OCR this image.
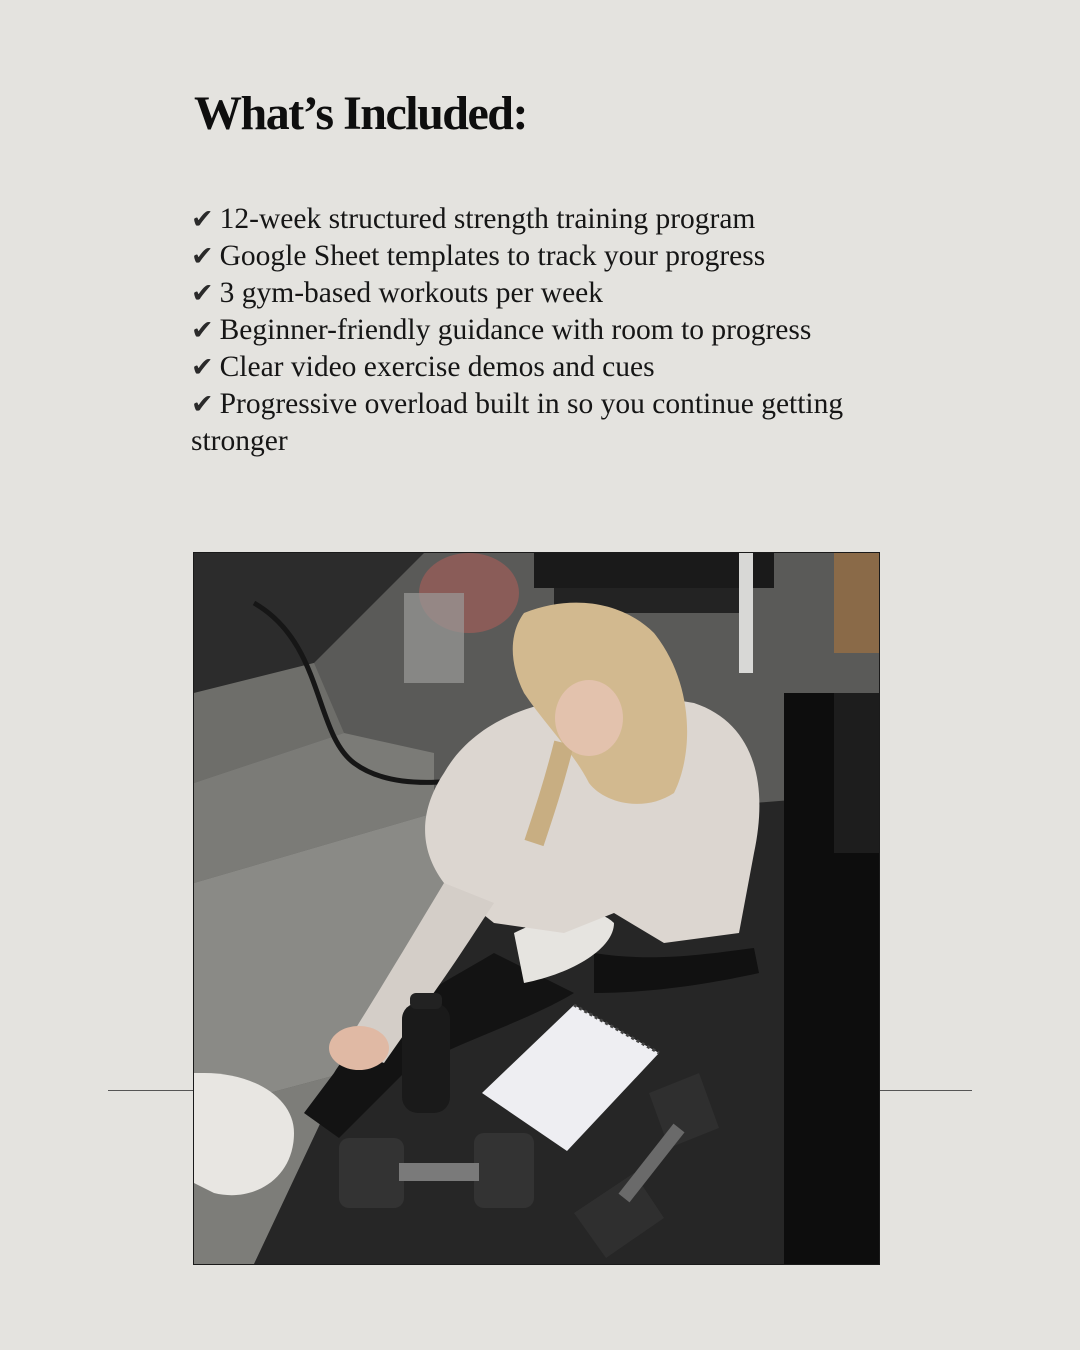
What’s Included:
✔ 12-week structured strength training program
✔ Google Sheet templates to track your progress
✔ 3 gym-based workouts per week
✔ Beginner-friendly guidance with room to progress
✔ Clear video exercise demos and cues
✔ Progressive overload built in so you continue getting stronger
